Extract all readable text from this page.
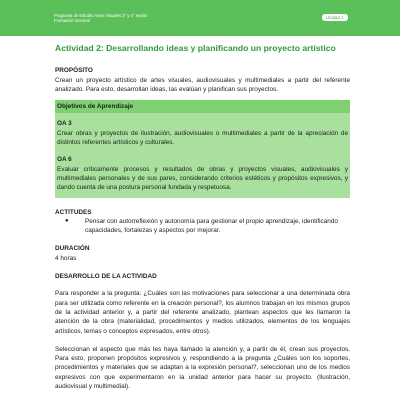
Programa de Estudio Artes Visuales 3° y 4° medio
Formación General
Unidad 1
Actividad 2: Desarrollando ideas y planificando un proyecto artístico
PROPÓSITO

Crean un proyecto artístico de artes visuales, audiovisuales y multimediales a partir del referente analizado. Para esto, desarrollan ideas, las evalúan y planifican sus proyectos.

Objetivos de Aprendizaje
OA 3

Crear obras y proyectos de ilustración, audiovisuales o multimediales a partir de la apreciación de distintos referentes artísticos y culturales.

OA 6

Evaluar críticamente procesos y resultados de obras y proyectos visuales, audiovisuales y multimediales personales y de sus pares, considerando criterios estéticos y propósitos expresivos, y dando cuenta de una postura personal fundada y respetuosa.

ACTITUDES
●	Pensar con autorreflexión y autonomía para gestionar el propio aprendizaje, identificando capacidades, fortalezas y aspectos por mejorar.
DURACIÓN

4 horas

DESARROLLO DE LA ACTIVIDAD

Para responder a la pregunta: ¿Cuáles son las motivaciones para seleccionar a una determinada obra para ser utilizada como referente en la creación personal?, los alumnos trabajan en los mismos grupos de la actividad anterior y, a partir del referente analizado, plantean aspectos que les llamaron la atención de la obra (materialidad, procedimientos y medios utilizados, elementos de los lenguajes artísticos, temas o conceptos expresados, entre otros).

Seleccionan el aspecto que más les haya llamado la atención y, a partir de él, crean sus proyectos. Para esto, proponen propósitos expresivos y, respondiendo a la pregunta ¿Cuáles son los soportes, procedimientos y materiales que se adaptan a la expresión personal?, seleccionan uno de los medios expresivos con que experimentaron en la unidad anterior para hacer su proyecto. (Ilustración, audiovisual y multimedial).
